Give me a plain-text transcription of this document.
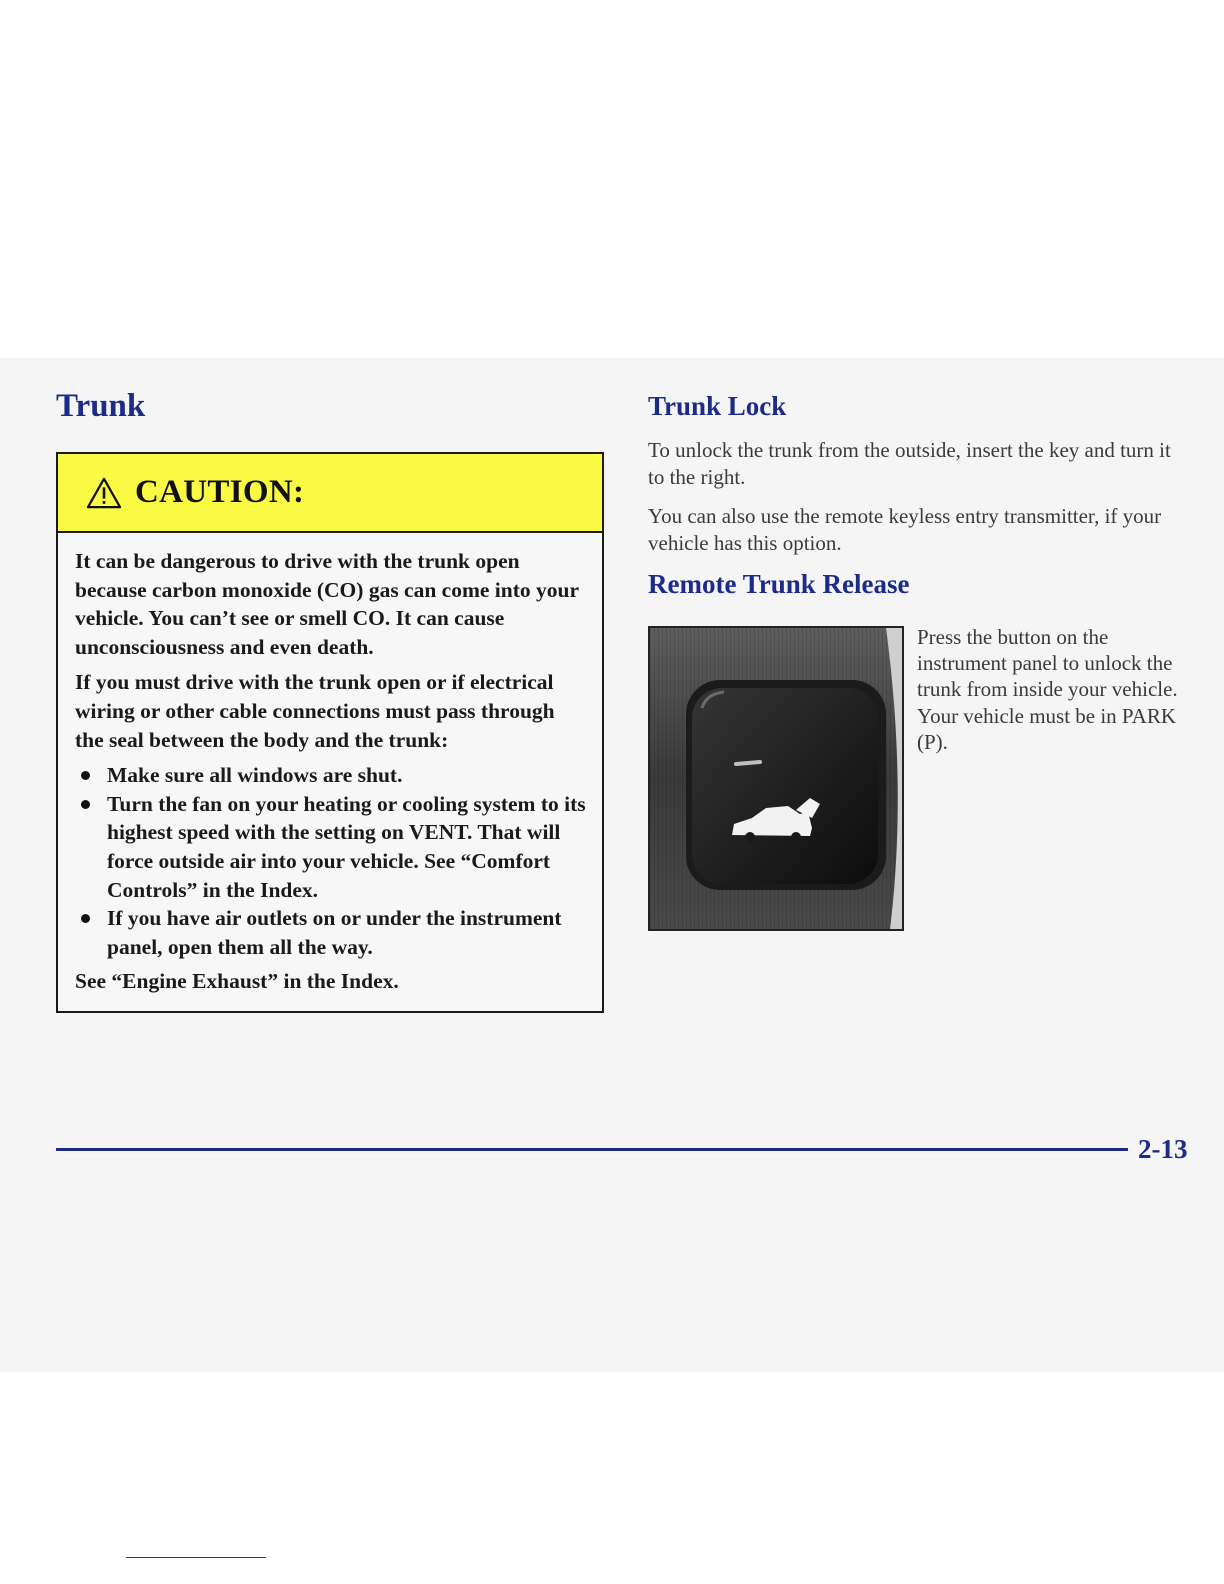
Trunk
CAUTION:

It can be dangerous to drive with the trunk open because carbon monoxide (CO) gas can come into your vehicle. You can’t see or smell CO. It can cause unconsciousness and even death.

If you must drive with the trunk open or if electrical wiring or other cable connections must pass through the seal between the body and the trunk:

Make sure all windows are shut.
Turn the fan on your heating or cooling system to its highest speed with the setting on VENT. That will force outside air into your vehicle. See “Comfort Controls” in the Index.
If you have air outlets on or under the instrument panel, open them all the way.

See “Engine Exhaust” in the Index.

Trunk Lock

To unlock the trunk from the outside, insert the key and turn it to the right.

You can also use the remote keyless entry transmitter, if your vehicle has this option.

Remote Trunk Release

Press the button on the instrument panel to unlock the trunk from inside your vehicle. Your vehicle must be in PARK (P).

2-13
